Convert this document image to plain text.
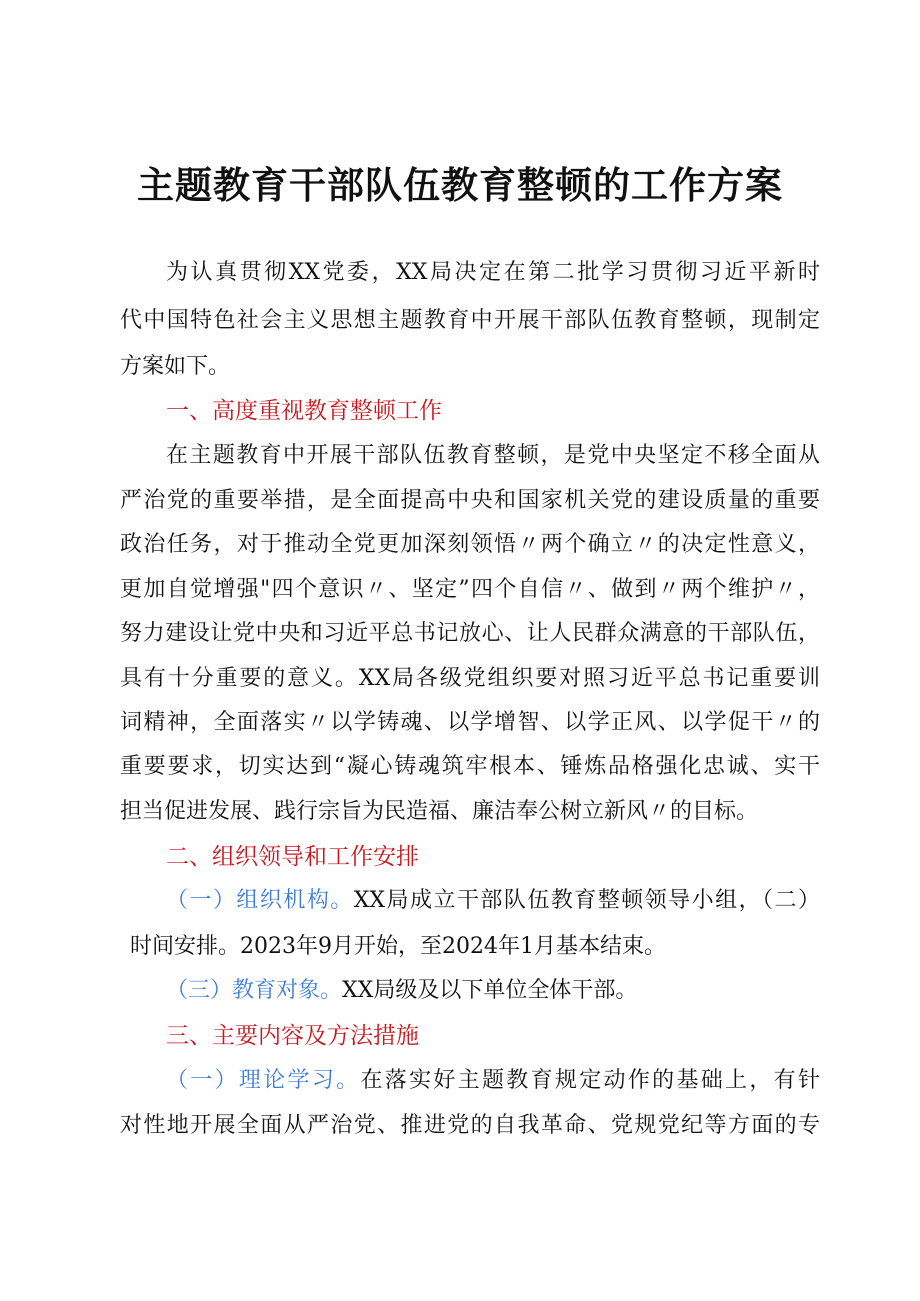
主题教育干部队伍教育整顿的工作方案
为认真贯彻XX党委，XX局决定在第二批学习贯彻习近平新时
代中国特色社会主义思想主题教育中开展干部队伍教育整顿，现制定
方案如下。
一、高度重视教育整顿工作
在主题教育中开展干部队伍教育整顿，是党中央坚定不移全面从
严治党的重要举措，是全面提高中央和国家机关党的建设质量的重要
政治任务，对于推动全党更加深刻领悟〃两个确立〃的决定性意义，
更加自觉增强"四个意识〃、坚定”四个自信〃、做到〃两个维护〃，
努力建设让党中央和习近平总书记放心、让人民群众满意的干部队伍，
具有十分重要的意义。XX局各级党组织要对照习近平总书记重要训
词精神，全面落实〃以学铸魂、以学增智、以学正风、以学促干〃的
重要要求，切实达到“凝心铸魂筑牢根本、锤炼品格强化忠诚、实干
担当促进发展、践行宗旨为民造福、廉洁奉公树立新风〃的目标。
二、组织领导和工作安排
（一）组织机构。XX局成立干部队伍教育整顿领导小组，（二）
时间安排。2023年9月开始，至2024年1月基本结束。
（三）教育对象。XX局级及以下单位全体干部。
三、主要内容及方法措施
（一）理论学习。在落实好主题教育规定动作的基础上，有针
对性地开展全面从严治党、推进党的自我革命、党规党纪等方面的专
